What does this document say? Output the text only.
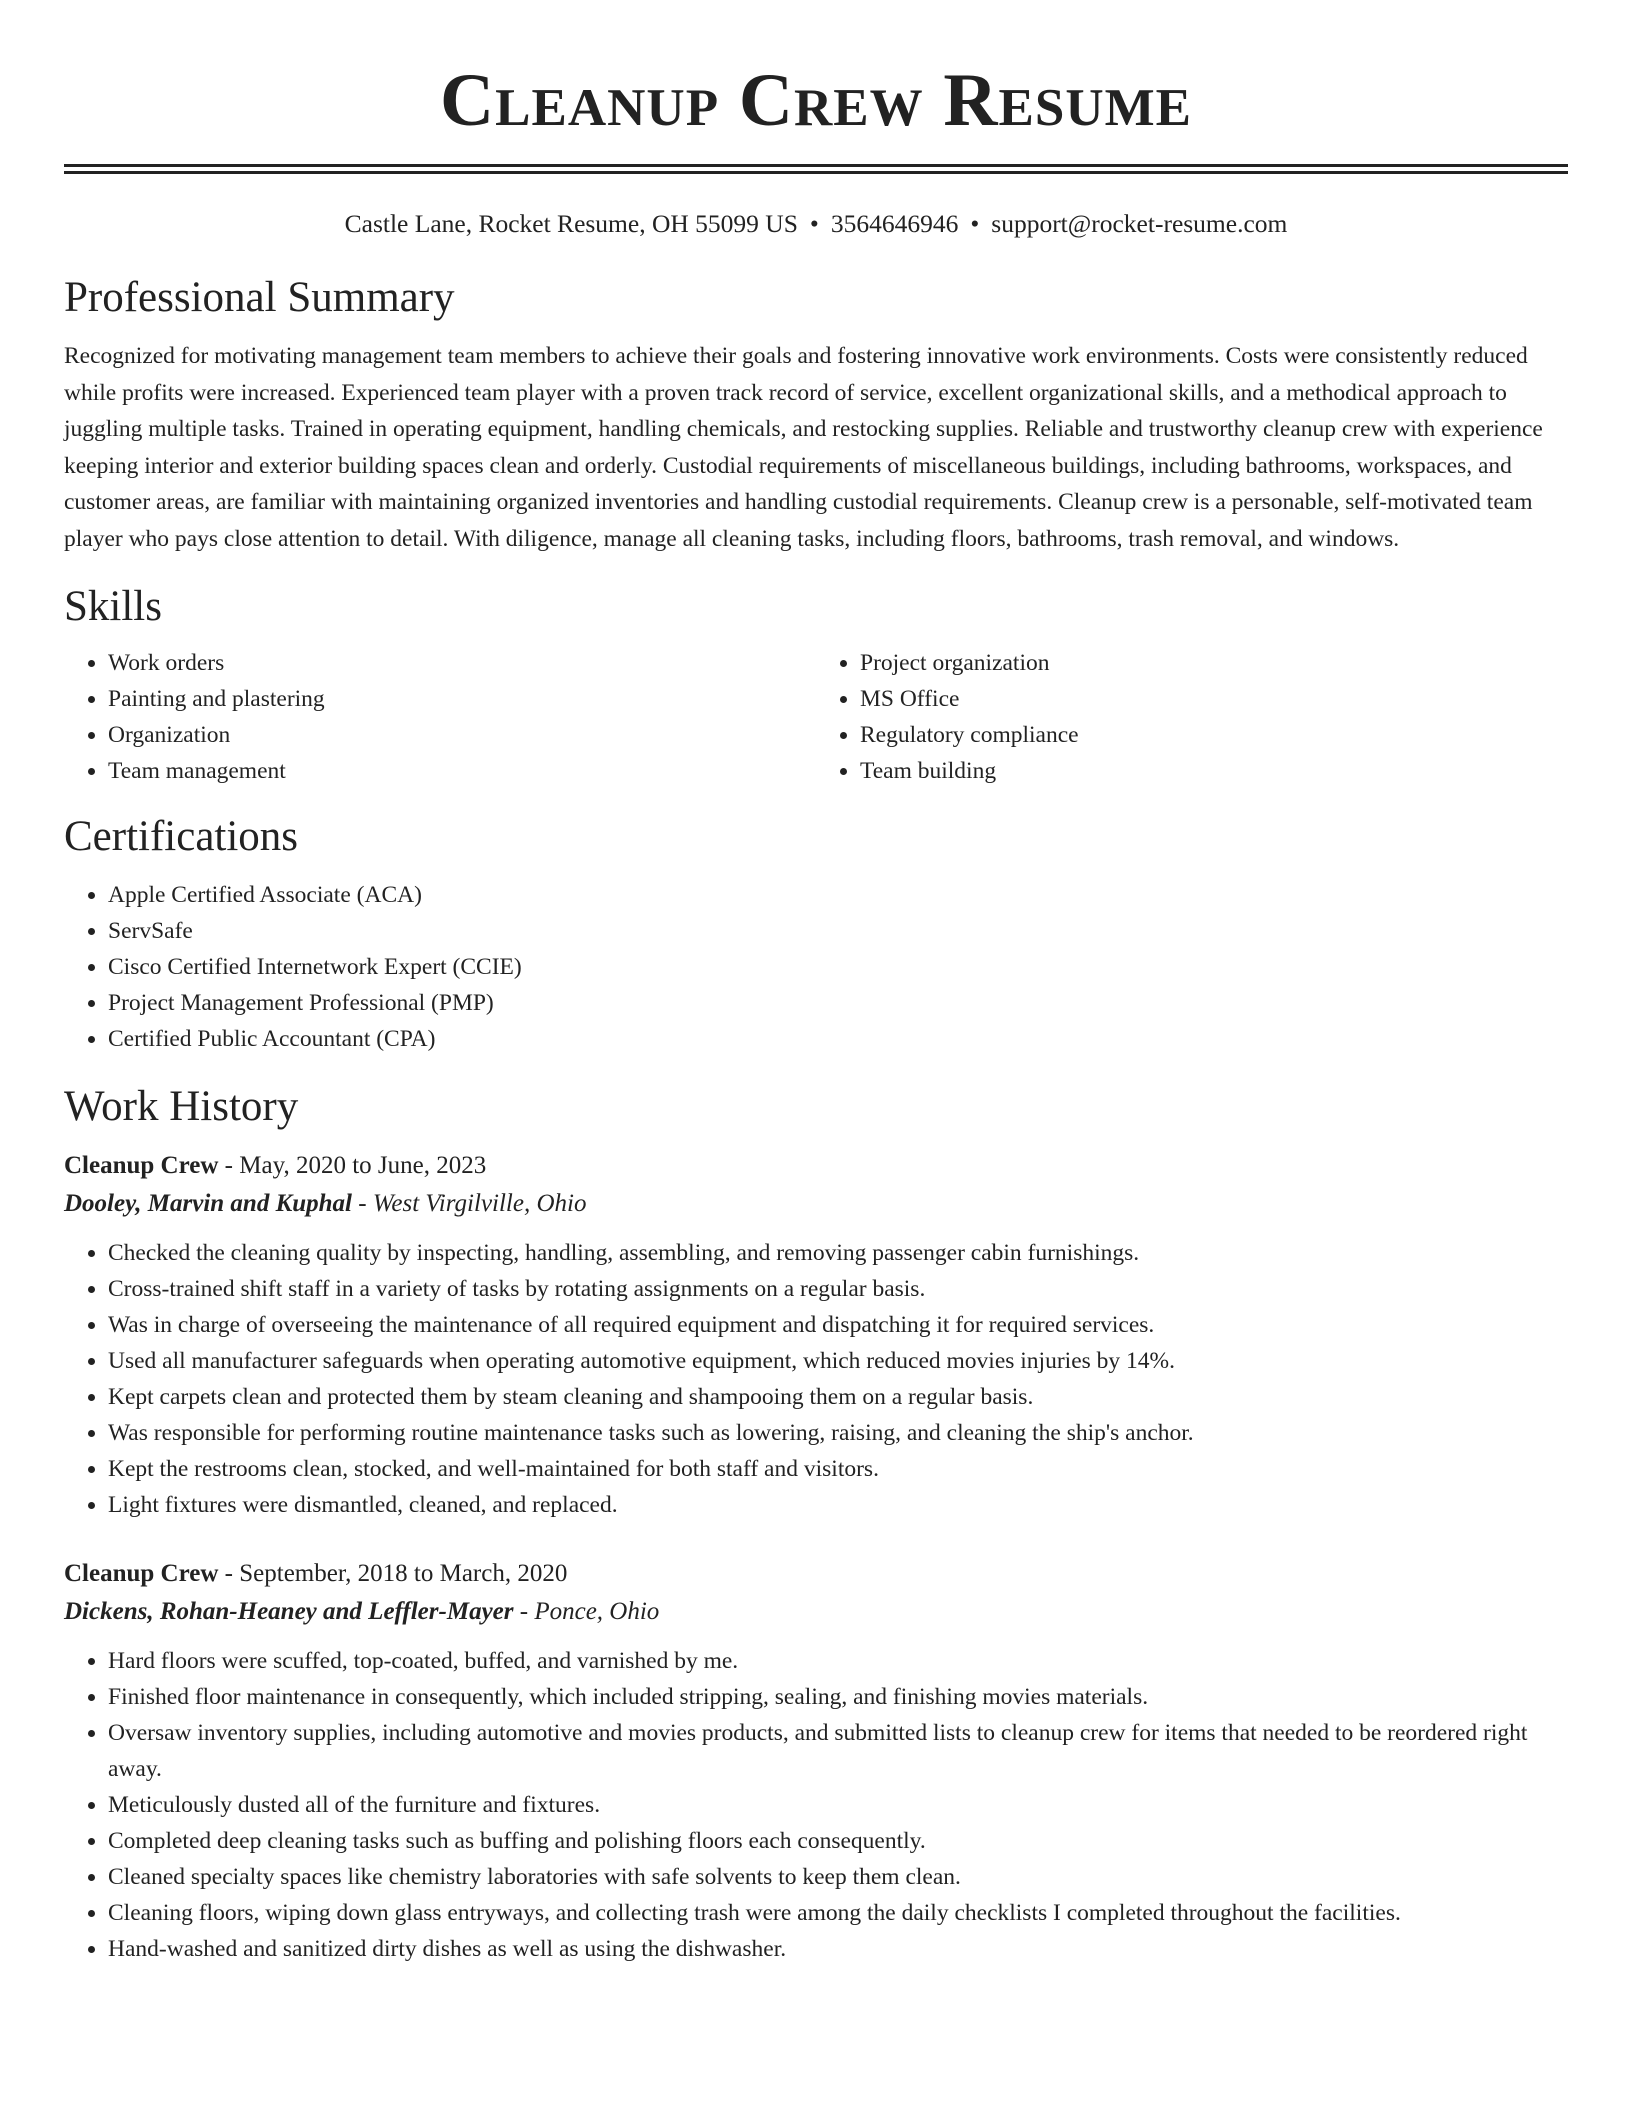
Cleanup Crew Resume
Castle Lane, Rocket Resume, OH 55099 US • 3564646946 • support@rocket-resume.com
Professional Summary

Recognized for motivating management team members to achieve their goals and fostering innovative work environments. Costs were consistently reduced while profits were increased. Experienced team player with a proven track record of service, excellent organizational skills, and a methodical approach to juggling multiple tasks. Trained in operating equipment, handling chemicals, and restocking supplies. Reliable and trustworthy cleanup crew with experience keeping interior and exterior building spaces clean and orderly. Custodial requirements of miscellaneous buildings, including bathrooms, workspaces, and customer areas, are familiar with maintaining organized inventories and handling custodial requirements. Cleanup crew is a personable, self-motivated team player who pays close attention to detail. With diligence, manage all cleaning tasks, including floors, bathrooms, trash removal, and windows.

Skills
• Work orders
• Painting and plastering
• Organization
• Team management
• Project organization
• MS Office
• Regulatory compliance
• Team building
Certifications
• Apple Certified Associate (ACA)
• ServSafe
• Cisco Certified Internetwork Expert (CCIE)
• Project Management Professional (PMP)
• Certified Public Accountant (CPA)
Work History
Cleanup Crew - May, 2020 to June, 2023
Dooley, Marvin and Kuphal - West Virgilville, Ohio
• Checked the cleaning quality by inspecting, handling, assembling, and removing passenger cabin furnishings.
• Cross-trained shift staff in a variety of tasks by rotating assignments on a regular basis.
• Was in charge of overseeing the maintenance of all required equipment and dispatching it for required services.
• Used all manufacturer safeguards when operating automotive equipment, which reduced movies injuries by 14%.
• Kept carpets clean and protected them by steam cleaning and shampooing them on a regular basis.
• Was responsible for performing routine maintenance tasks such as lowering, raising, and cleaning the ship's anchor.
• Kept the restrooms clean, stocked, and well-maintained for both staff and visitors.
• Light fixtures were dismantled, cleaned, and replaced.
Cleanup Crew - September, 2018 to March, 2020
Dickens, Rohan-Heaney and Leffler-Mayer - Ponce, Ohio
• Hard floors were scuffed, top-coated, buffed, and varnished by me.
• Finished floor maintenance in consequently, which included stripping, sealing, and finishing movies materials.
• Oversaw inventory supplies, including automotive and movies products, and submitted lists to cleanup crew for items that needed to be reordered right away.
• Meticulously dusted all of the furniture and fixtures.
• Completed deep cleaning tasks such as buffing and polishing floors each consequently.
• Cleaned specialty spaces like chemistry laboratories with safe solvents to keep them clean.
• Cleaning floors, wiping down glass entryways, and collecting trash were among the daily checklists I completed throughout the facilities.
• Hand-washed and sanitized dirty dishes as well as using the dishwasher.
